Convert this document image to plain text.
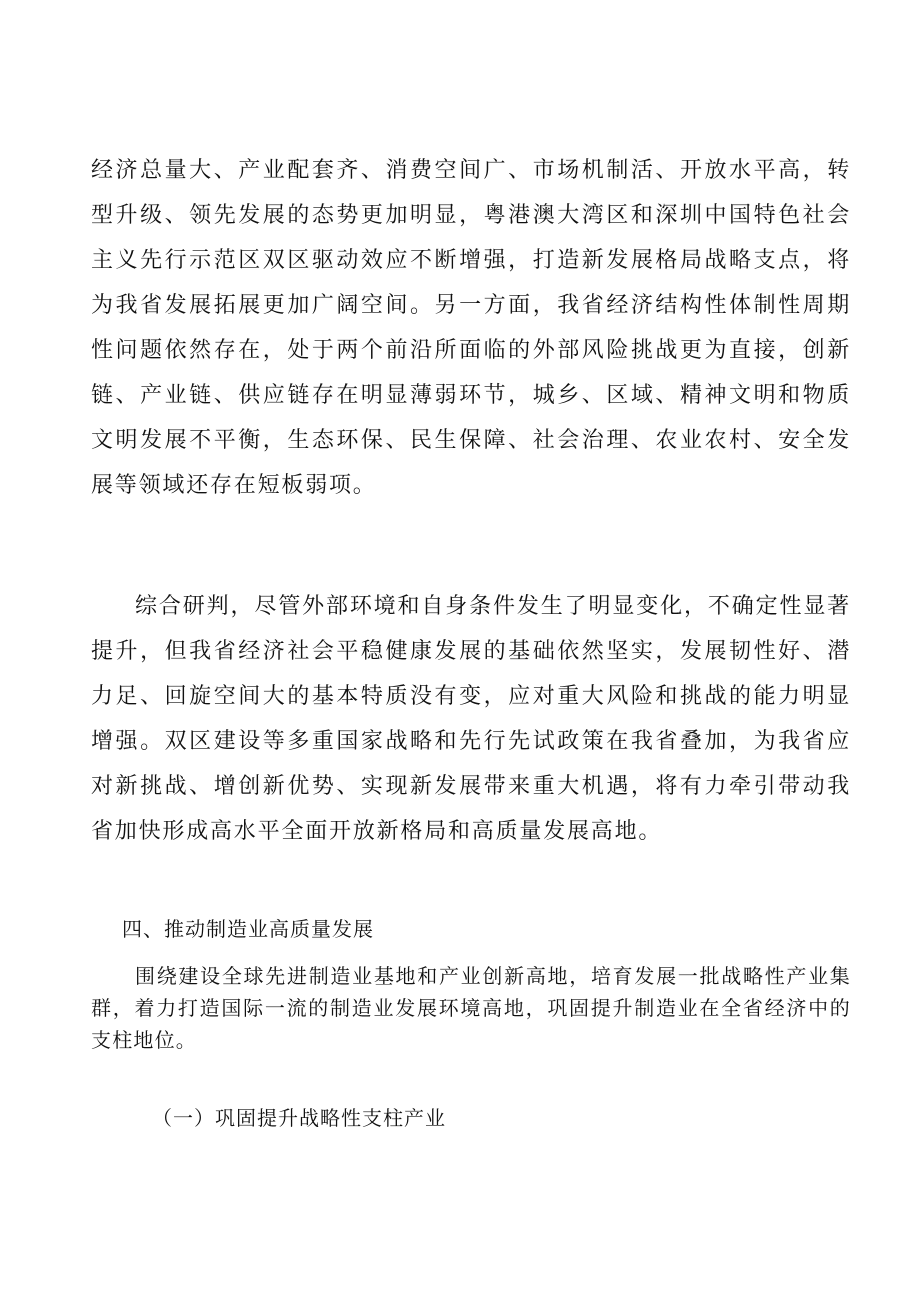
经济总量大、产业配套齐、消费空间广、市场机制活、开放水平高，转型升级、领先发展的态势更加明显，粤港澳大湾区和深圳中国特色社会主义先行示范区双区驱动效应不断增强，打造新发展格局战略支点，将为我省发展拓展更加广阔空间。另一方面，我省经济结构性体制性周期性问题依然存在，处于两个前沿所面临的外部风险挑战更为直接，创新链、产业链、供应链存在明显薄弱环节，城乡、区域、精神文明和物质文明发展不平衡，生态环保、民生保障、社会治理、农业农村、安全发展等领域还存在短板弱项。

综合研判，尽管外部环境和自身条件发生了明显变化，不确定性显著提升，但我省经济社会平稳健康发展的基础依然坚实，发展韧性好、潜力足、回旋空间大的基本特质没有变，应对重大风险和挑战的能力明显增强。双区建设等多重国家战略和先行先试政策在我省叠加，为我省应对新挑战、增创新优势、实现新发展带来重大机遇，将有力牵引带动我省加快形成高水平全面开放新格局和高质量发展高地。

四、推动制造业高质量发展

围绕建设全球先进制造业基地和产业创新高地，培育发展一批战略性产业集群，着力打造国际一流的制造业发展环境高地，巩固提升制造业在全省经济中的支柱地位。

（一）巩固提升战略性支柱产业
